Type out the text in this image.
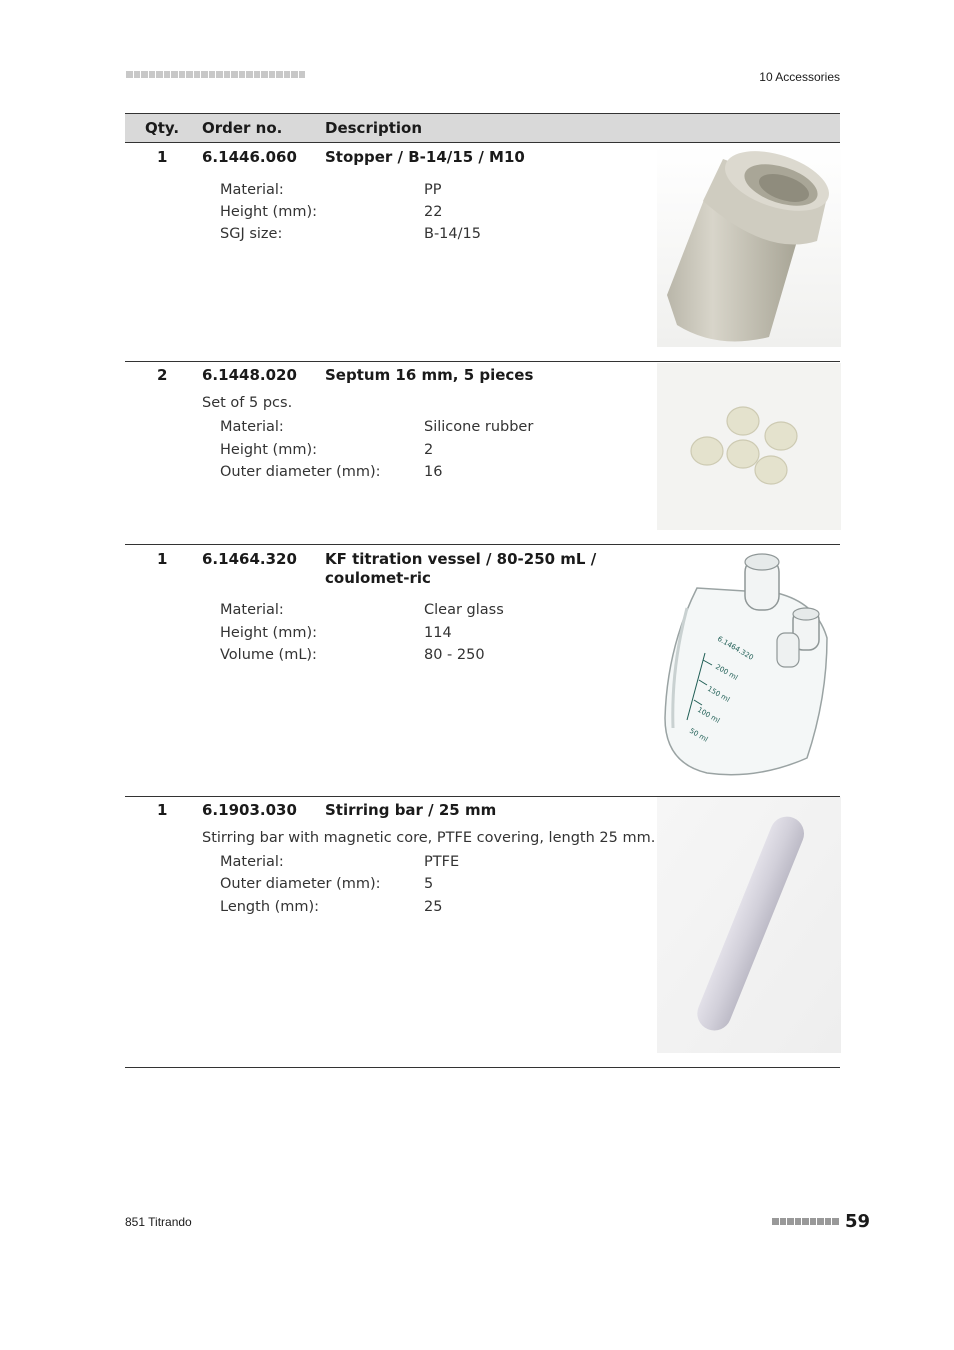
10 Accessories
Qty. Order no.	Description
1 6.1446.060 Stopper / B-14/15 / M10
Material:	PP
Height (mm):	22
SGJ size:	B-14/15
2 6.1448.020 Septum 16 mm, 5 pieces
Set of 5 pcs.
Material:	Silicone rubber
Height (mm):	2
Outer diameter (mm):	16
1 6.1464.320 KF titration vessel / 80-250 mL / coulomet-ric
Material:	Clear glass
Height (mm):	114
Volume (mL):	80 - 250	6.1464.320
200 ml
150 ml
100 ml
50 ml
1 6.1903.030 Stirring bar / 25 mm
Stirring bar with magnetic core, PTFE covering, length 25 mm.
Material:	PTFE
Outer diameter (mm):	5
Length (mm):	25
851 Titrando	59
